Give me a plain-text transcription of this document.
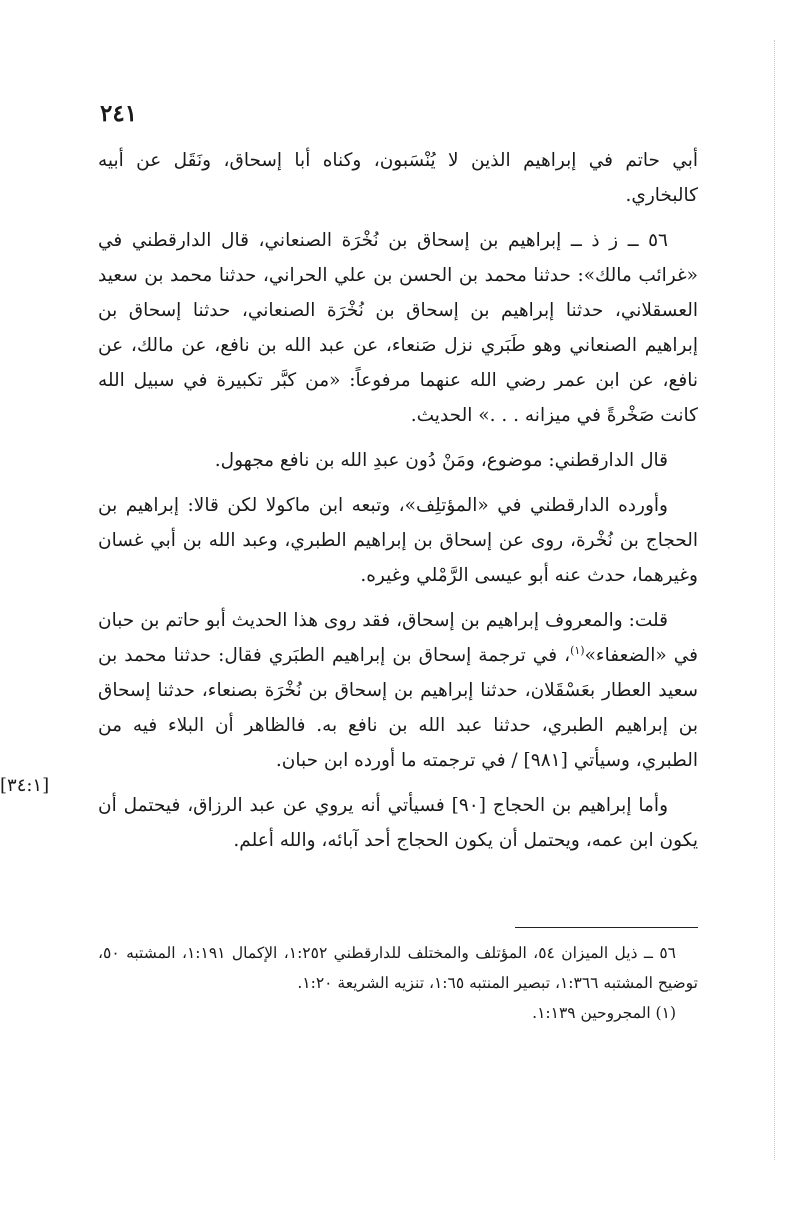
٢٤١

أبي حاتم في إبراهيم الذين لا يُنْسَبون، وكناه أبا إسحاق، ونَقَل عن أبيه كالبخاري.

٥٦ ــ ز ذ ــ إبراهيم بن إسحاق بن نُخْرَة الصنعاني، قال الدارقطني في «غرائب مالك»: حدثنا محمد بن الحسن بن علي الحراني، حدثنا محمد بن سعيد العسقلاني، حدثنا إبراهيم بن إسحاق بن نُخْرَة الصنعاني، حدثنا إسحاق بن إبراهيم الصنعاني وهو طَبَري نزل صَنعاء، عن عبد الله بن نافع، عن مالك، عن نافع، عن ابن عمر رضي الله عنهما مرفوعاً: «من كبَّر تكبيرة في سبيل الله كانت صَخْرةً في ميزانه . . .» الحديث.

قال الدارقطني: موضوع، ومَنْ دُون عبدِ الله بن نافع مجهول.

وأورده الدارقطني في «المؤتلِف»، وتبعه ابن ماكولا لكن قالا: إبراهيم بن الحجاج بن نُخْرة، روى عن إسحاق بن إبراهيم الطبري، وعبد الله بن أبي غسان وغيرهما، حدث عنه أبو عيسى الرَّمْلي وغيره.

قلت: والمعروف إبراهيم بن إسحاق، فقد روى هذا الحديث أبو حاتم بن حبان في «الضعفاء»$^{(١)}$، في ترجمة إسحاق بن إبراهيم الطبَري فقال: حدثنا محمد بن سعيد العطار بعَسْقَلان، حدثنا إبراهيم بن إسحاق بن نُخْرَة بصنعاء، حدثنا إسحاق بن إبراهيم الطبري، حدثنا عبد الله بن نافع به. فالظاهر أن البلاء فيه من الطبري، وسيأتي [٩٨١] / في ترجمته ما أورده ابن حبان.

وأما إبراهيم بن الحجاج [٩٠] فسيأتي أنه يروي عن عبد الرزاق، فيحتمل أن يكون ابن عمه، ويحتمل أن يكون الحجاج أحد آبائه، والله أعلم.

[٣٤:١]

٥٦ ــ ذيل الميزان ٥٤، المؤتلف والمختلف للدارقطني ١:٢٥٢، الإكمال ١:١٩١، المشتبه ٥٠، توضيح المشتبه ١:٣٦٦، تبصير المنتبه ١:٦٥، تنزيه الشريعة ١:٢٠.

(١) المجروحين ١:١٣٩.
